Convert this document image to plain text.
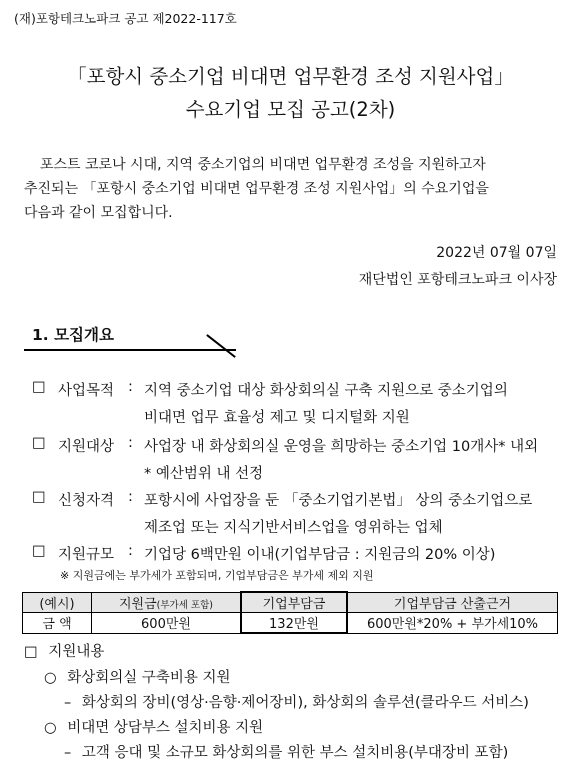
(재)포항테크노파크 공고 제2022-117호
「포항시 중소기업 비대면 업무환경 조성 지원사업」
수요기업 모집 공고(2차)
포스트 코로나 시대, 지역 중소기업의 비대면 업무환경 조성을 지원하고자
추진되는 「포항시 중소기업 비대면 업무환경 조성 지원사업」의 수요기업을
다음과 같이 모집합니다.
2022년 07월 07일
재단법인 포항테크노파크 이사장
1. 모집개요
□ 사업목적 : 지역 중소기업 대상 화상회의실 구축 지원으로 중소기업의
비대면 업무 효율성 제고 및 디지털화 지원
□ 지원대상 : 사업장 내 화상회의실 운영을 희망하는 중소기업 10개사* 내외
* 예산범위 내 선정
□ 신청자격 : 포항시에 사업장을 둔 「중소기업기본법」 상의 중소기업으로
제조업 또는 지식기반서비스업을 영위하는 업체
□ 지원규모 : 기업당 6백만원 이내(기업부담금 : 지원금의 20% 이상)
※ 지원금에는 부가세가 포함되며, 기업부담금은 부가세 제외 지원
(예시)	지원금(부가세 포함)	기업부담금	기업부담금 산출근거
금 액	600만원	132만원	600만원*20% + 부가세10%
□ 지원내용
○ 화상회의실 구축비용 지원
– 화상회의 장비(영상·음향·제어장비), 화상회의 솔루션(클라우드 서비스)
○ 비대면 상담부스 설치비용 지원
– 고객 응대 및 소규모 화상회의를 위한 부스 설치비용(부대장비 포함)
